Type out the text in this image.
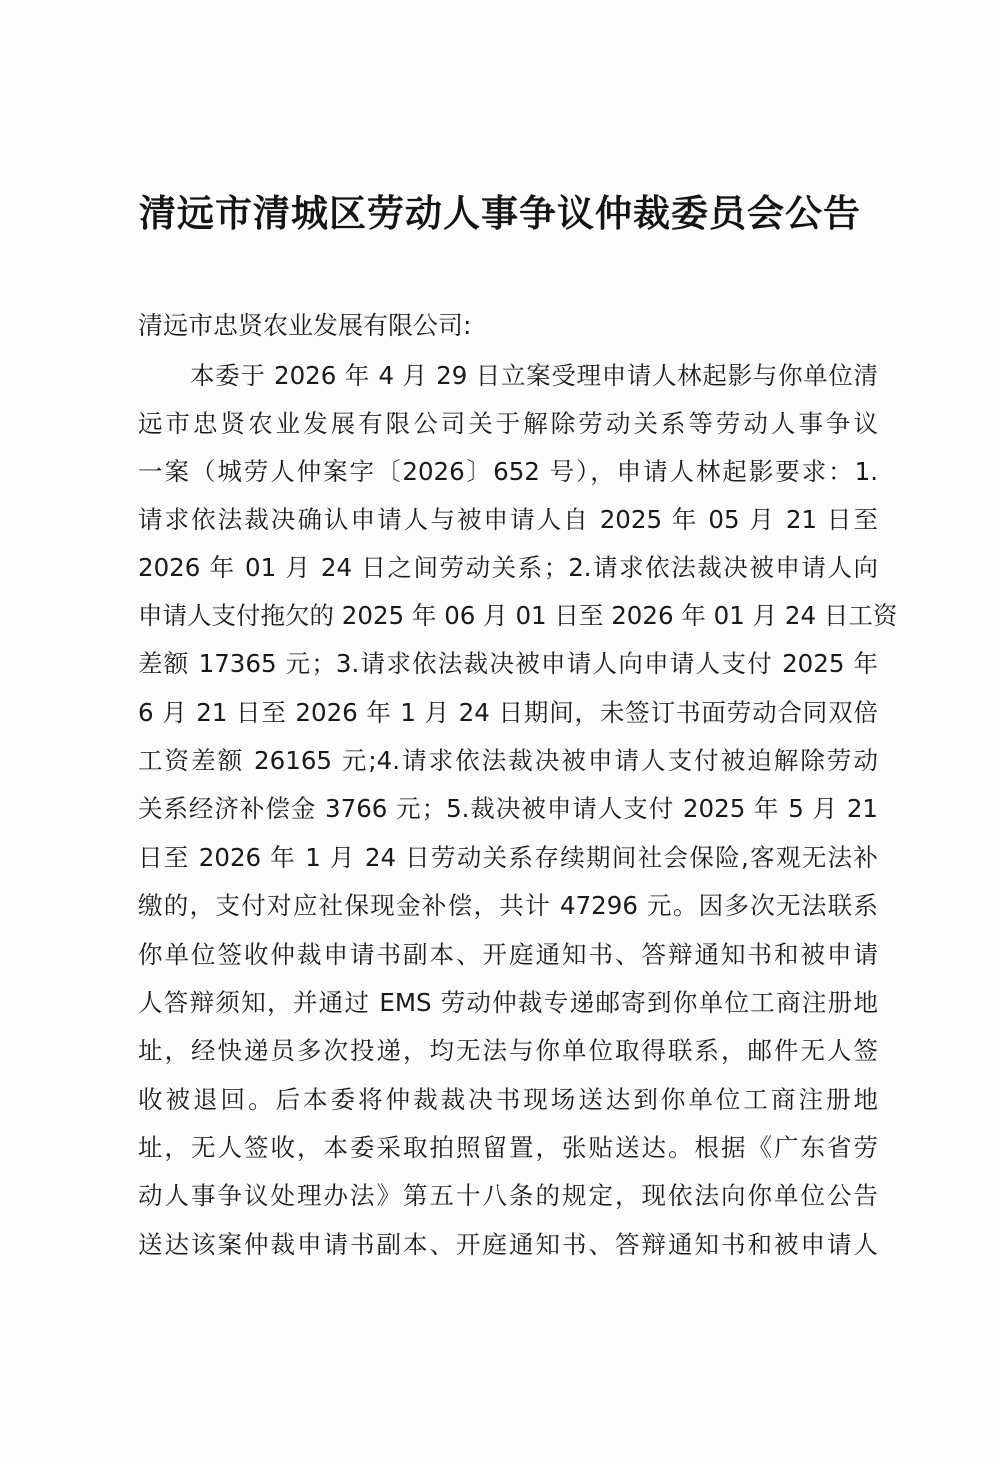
清远市清城区劳动人事争议仲裁委员会公告
清远市忠贤农业发展有限公司:
本委于 2026 年 4 月 29 日立案受理申请人林起影与你单位清
远市忠贤农业发展有限公司关于解除劳动关系等劳动人事争议
一案（城劳人仲案字〔2026〕652 号），申请人林起影要求：1.
请求依法裁决确认申请人与被申请人自 2025 年 05 月 21 日至
2026 年 01 月 24 日之间劳动关系；2.请求依法裁决被申请人向
申请人支付拖欠的 2025 年 06 月 01 日至 2026 年 01 月 24 日工资
差额 17365 元；3.请求依法裁决被申请人向申请人支付 2025 年
6 月 21 日至 2026 年 1 月 24 日期间，未签订书面劳动合同双倍
工资差额 26165 元;4.请求依法裁决被申请人支付被迫解除劳动
关系经济补偿金 3766 元；5.裁决被申请人支付 2025 年 5 月 21
日至 2026 年 1 月 24 日劳动关系存续期间社会保险,客观无法补
缴的，支付对应社保现金补偿，共计 47296 元。因多次无法联系
你单位签收仲裁申请书副本、开庭通知书、答辩通知书和被申请
人答辩须知，并通过 EMS 劳动仲裁专递邮寄到你单位工商注册地
址，经快递员多次投递，均无法与你单位取得联系，邮件无人签
收被退回。后本委将仲裁裁决书现场送达到你单位工商注册地
址，无人签收，本委采取拍照留置，张贴送达。根据《广东省劳
动人事争议处理办法》第五十八条的规定，现依法向你单位公告
送达该案仲裁申请书副本、开庭通知书、答辩通知书和被申请人
